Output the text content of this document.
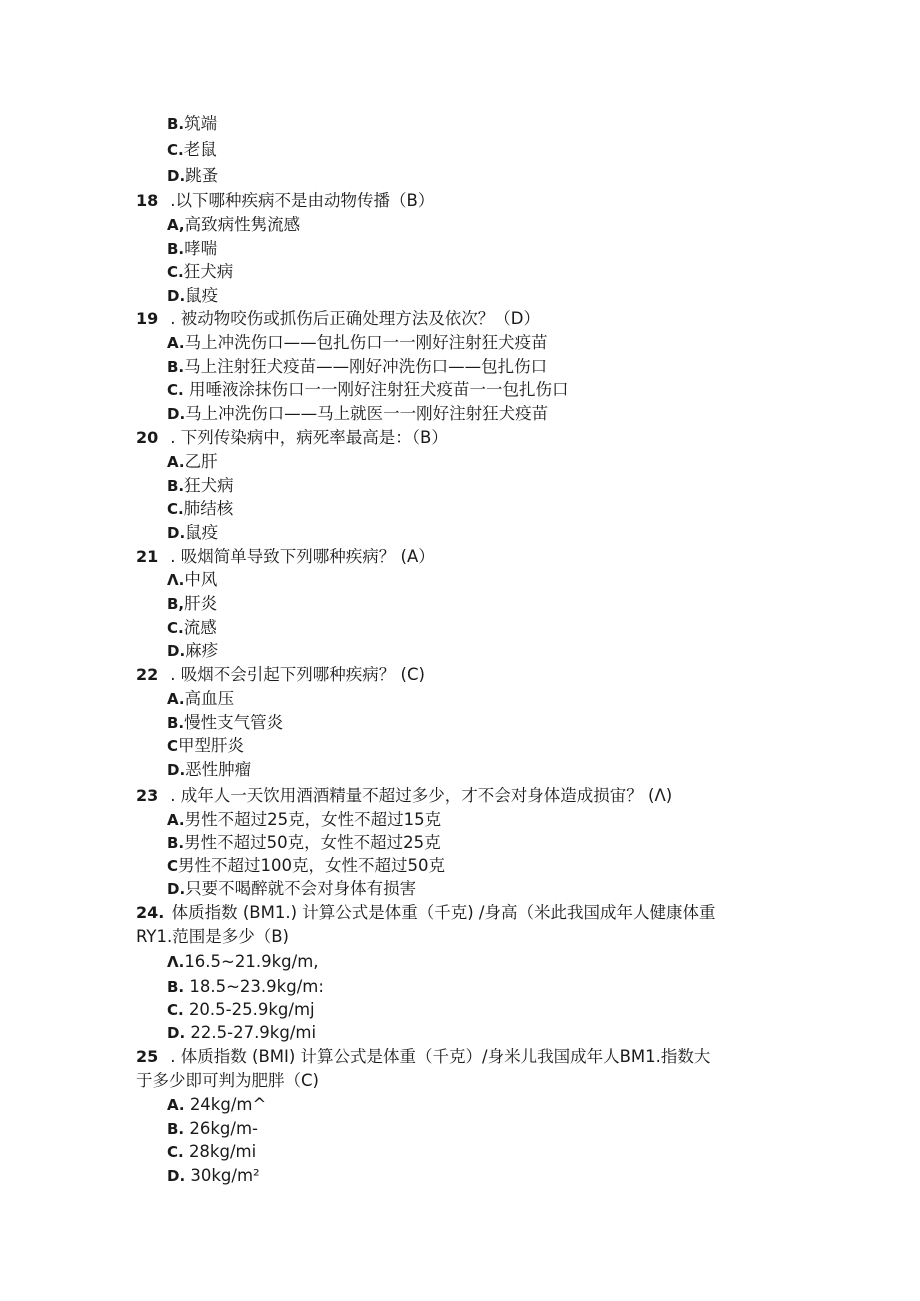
B.筑端
C.老鼠
D.跳蚤
18 .以下哪种疾病不是由动物传播（B）
A,高致病性隽流感
B.哮喘
C.狂犬病
D.鼠疫
19 . 被动物咬伤或抓伤后正确处理方法及依次？（D）
A.马上冲洗伤口——包扎伤口一一刚好注射狂犬疫苗
B.马上注射狂犬疫苗——刚好冲洗伤口——包扎伤口
C. 用唾液涂抹伤口一一刚好注射狂犬疫苗一一包扎伤口
D.马上冲洗伤口——马上就医一一刚好注射狂犬疫苗
20 . 下列传染病中，病死率最高是：（B）
A.乙肝
B.狂犬病
C.肺结核
D.鼠疫
21 . 吸烟简单导致下列哪种疾病？ (A）
Λ.中风
B,肝炎
C.流感
D.麻疹
22 . 吸烟不会引起下列哪种疾病？ (C)
A.高血压
B.慢性支气管炎
C甲型肝炎
D.恶性肿瘤
23 . 成年人一天饮用酒酒精量不超过多少，才不会对身体造成损宙？ (Λ)
A.男性不超过25克，女性不超过15克
B.男性不超过50克，女性不超过25克
C男性不超过100克，女性不超过50克
D.只要不喝醉就不会对身体有损害
24. 体质指数 (BM1.) 计算公式是体重（千克) /身高（米此我国成年人健康体重
RY1.范围是多少（B)
Λ.16.5~21.9kg/m,
B. 18.5~23.9kg/m:
C. 20.5-25.9kg/mj
D. 22.5-27.9kg/mi
25 . 体质指数 (BMI) 计算公式是体重（千克）/身米儿我国成年人BM1.指数大
于多少即可判为肥胖（C)
A. 24kg/m^
B. 26kg/m-
C. 28kg/mi
D. 30kg/m²
